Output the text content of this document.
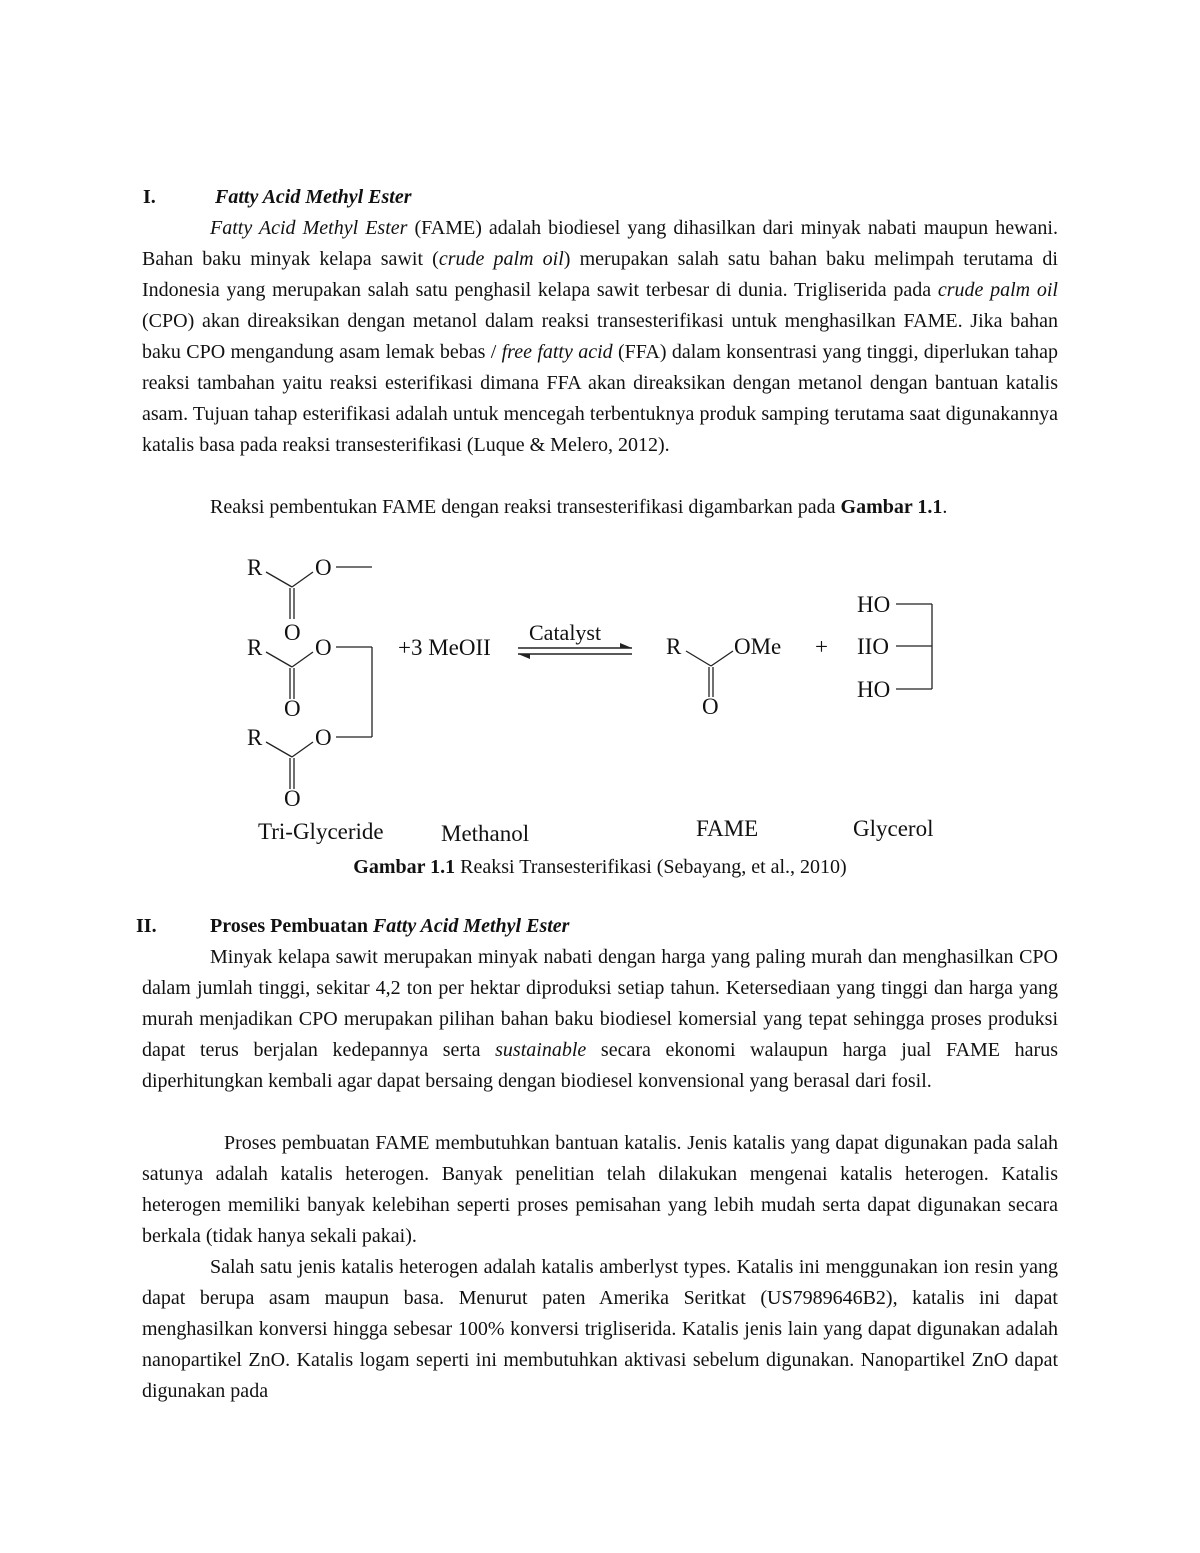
I.	Fatty Acid Methyl Ester

Fatty Acid Methyl Ester (FAME) adalah biodiesel yang dihasilkan dari minyak nabati maupun hewani. Bahan baku minyak kelapa sawit (crude palm oil) merupakan salah satu bahan baku melimpah terutama di Indonesia yang merupakan salah satu penghasil kelapa sawit terbesar di dunia. Trigliserida pada crude palm oil (CPO) akan direaksikan dengan metanol dalam reaksi transesterifikasi untuk menghasilkan FAME. Jika bahan baku CPO mengandung asam lemak bebas / free fatty acid (FFA) dalam konsentrasi yang tinggi, diperlukan tahap reaksi tambahan yaitu reaksi esterifikasi dimana FFA akan direaksikan dengan metanol dengan bantuan katalis asam. Tujuan tahap esterifikasi adalah untuk mencegah terbentuknya produk samping terutama saat digunakannya katalis basa pada reaksi transesterifikasi (Luque & Melero, 2012).

Reaksi pembentukan FAME dengan reaksi transesterifikasi digambarkan pada Gambar 1.1.

R O
O
R O
O
R O
O
R OMe
O
HO
IIO
HO
+3 MeOII
Catalyst
+
Tri-Glyceride Methanol	FAME	Glycerol
Gambar 1.1 Reaksi Transesterifikasi (Sebayang, et al., 2010)
II.	Proses Pembuatan Fatty Acid Methyl Ester

Minyak kelapa sawit merupakan minyak nabati dengan harga yang paling murah dan menghasilkan CPO dalam jumlah tinggi, sekitar 4,2 ton per hektar diproduksi setiap tahun. Ketersediaan yang tinggi dan harga yang murah menjadikan CPO merupakan pilihan bahan baku biodiesel komersial yang tepat sehingga proses produksi dapat terus berjalan kedepannya serta sustainable secara ekonomi walaupun harga jual FAME harus diperhitungkan kembali agar dapat bersaing dengan biodiesel konvensional yang berasal dari fosil.

Proses pembuatan FAME membutuhkan bantuan katalis. Jenis katalis yang dapat digunakan pada salah satunya adalah katalis heterogen. Banyak penelitian telah dilakukan mengenai katalis heterogen. Katalis heterogen memiliki banyak kelebihan seperti proses pemisahan yang lebih mudah serta dapat digunakan secara berkala (tidak hanya sekali pakai).

Salah satu jenis katalis heterogen adalah katalis amberlyst types. Katalis ini menggunakan ion resin yang dapat berupa asam maupun basa. Menurut paten Amerika Seritkat (US7989646B2), katalis ini dapat menghasilkan konversi hingga sebesar 100% konversi trigliserida. Katalis jenis lain yang dapat digunakan adalah nanopartikel ZnO. Katalis logam seperti ini membutuhkan aktivasi sebelum digunakan. Nanopartikel ZnO dapat digunakan pada
